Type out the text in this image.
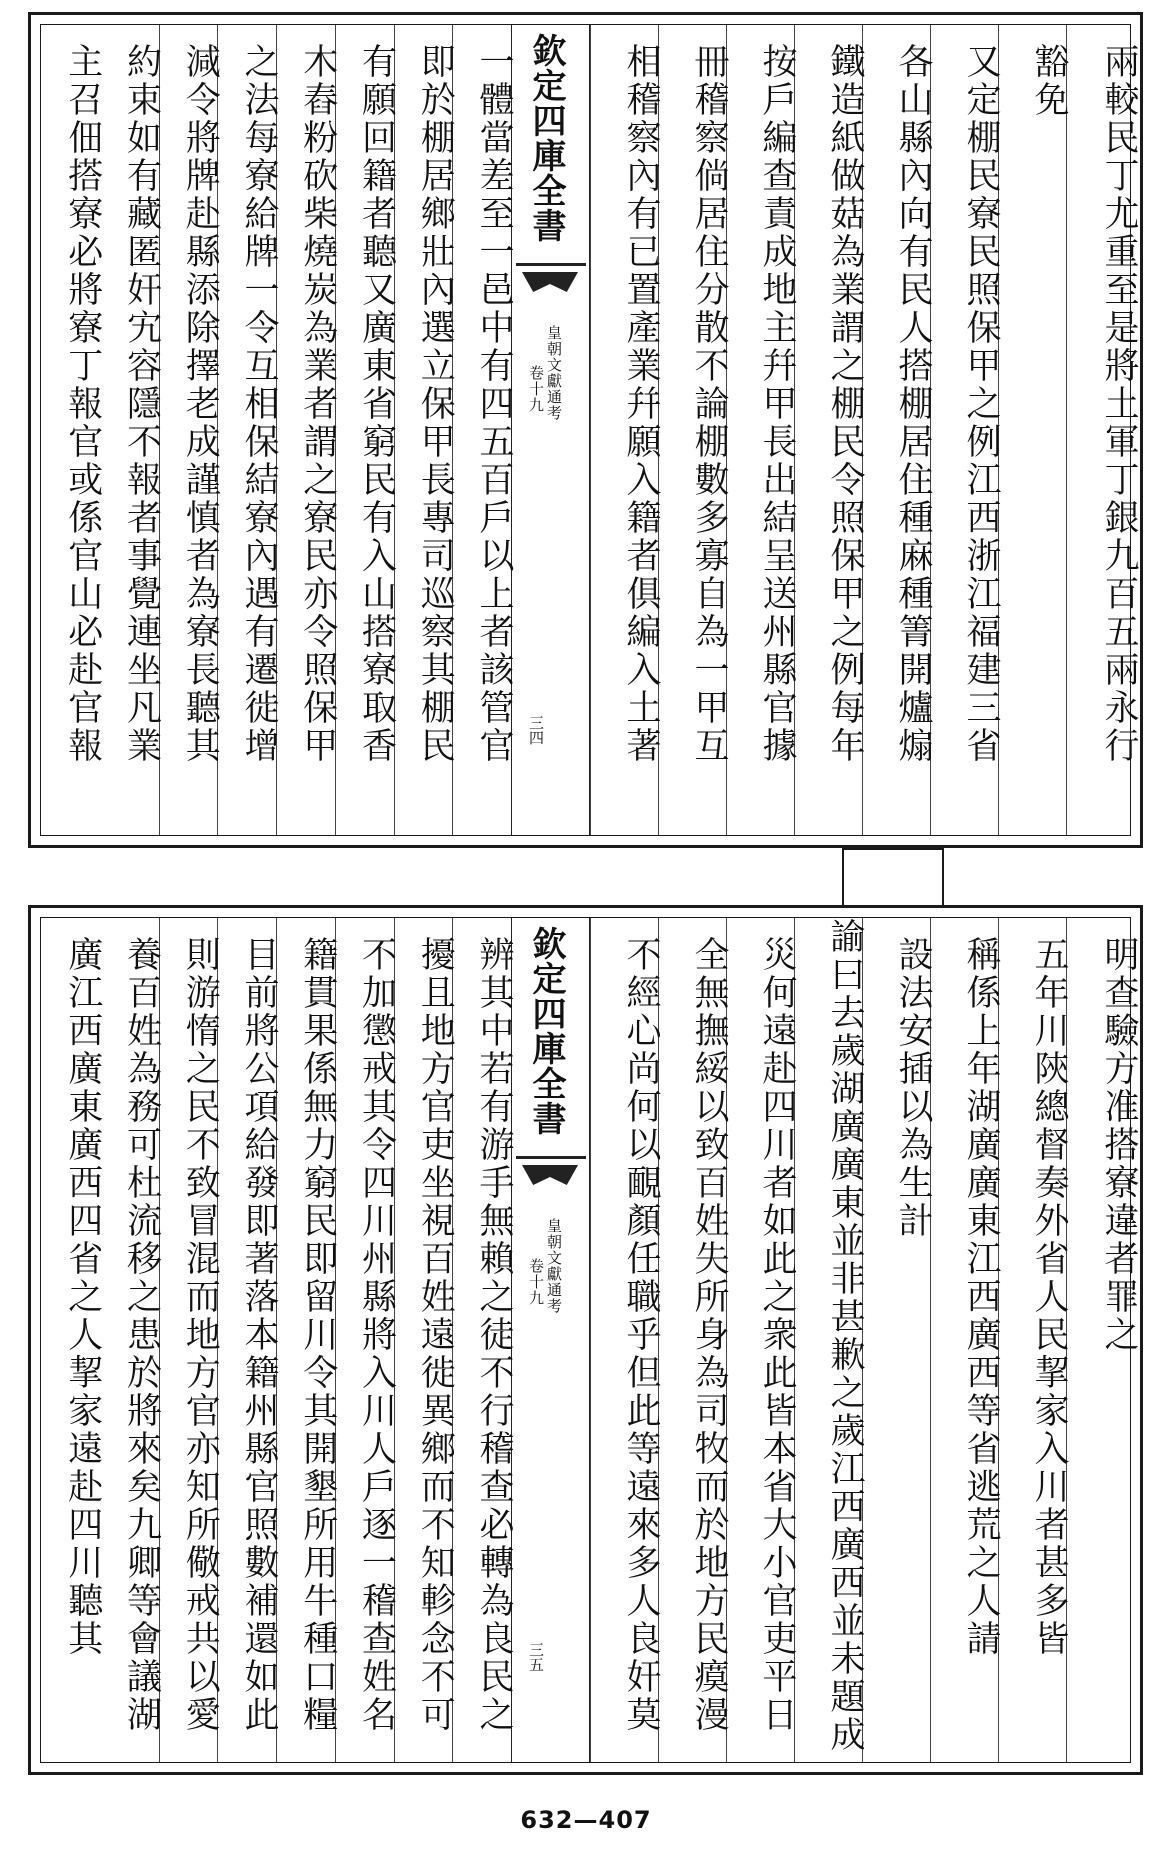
兩較民丁尤重至是將土軍丁銀九百五兩永行
豁免
又定棚民寮民照保甲之例江西浙江福建三省
各山縣內向有民人搭棚居住種麻種箐開爐煽
鐵造紙做菇為業謂之棚民令照保甲之例每年
按戶編查責成地主幷甲長出結呈送州縣官據
冊稽察倘居住分散不論棚數多寡自為一甲互
相稽察內有已置產業幷願入籍者俱編入土著
欽定四庫全書
皇朝文獻通考
卷十九
三四
一體當差至一邑中有四五百戶以上者該管官
即於棚居鄉壯內選立保甲長專司巡察其棚民
有願回籍者聽又廣東省窮民有入山搭寮取香
木舂粉砍柴燒炭為業者謂之寮民亦令照保甲
之法每寮給牌一令互相保結寮內遇有遷徙增
減令將牌赴縣添除擇老成謹慎者為寮長聽其
約束如有藏匿奸宄容隱不報者事覺連坐凡業
主召佃搭寮必將寮丁報官或係官山必赴官報
明查驗方准搭寮違者罪之
五年川陝總督奏外省人民挈家入川者甚多皆
稱係上年湖廣廣東江西廣西等省逃荒之人請
設法安插以為生計
諭曰去歲湖廣廣東並非甚歉之歲江西廣西並未題成
災何遠赴四川者如此之衆此皆本省大小官吏平日
全無撫綏以致百姓失所身為司牧而於地方民瘼漫
不經心尚何以靦顏任職乎但此等遠來多人良奸莫
欽定四庫全書
皇朝文獻通考
卷十九
三五
辨其中若有游手無賴之徒不行稽查必轉為良民之
擾且地方官吏坐視百姓遠徙異鄉而不知軫念不可
不加懲戒其令四川州縣將入川人戶逐一稽查姓名
籍貫果係無力窮民即留川令其開墾所用牛種口糧
目前將公項給發即著落本籍州縣官照數補還如此
則游惰之民不致冒混而地方官亦知所儆戒共以愛
養百姓為務可杜流移之患於將來矣九卿等會議湖
廣江西廣東廣西四省之人挈家遠赴四川聽其
632—407
